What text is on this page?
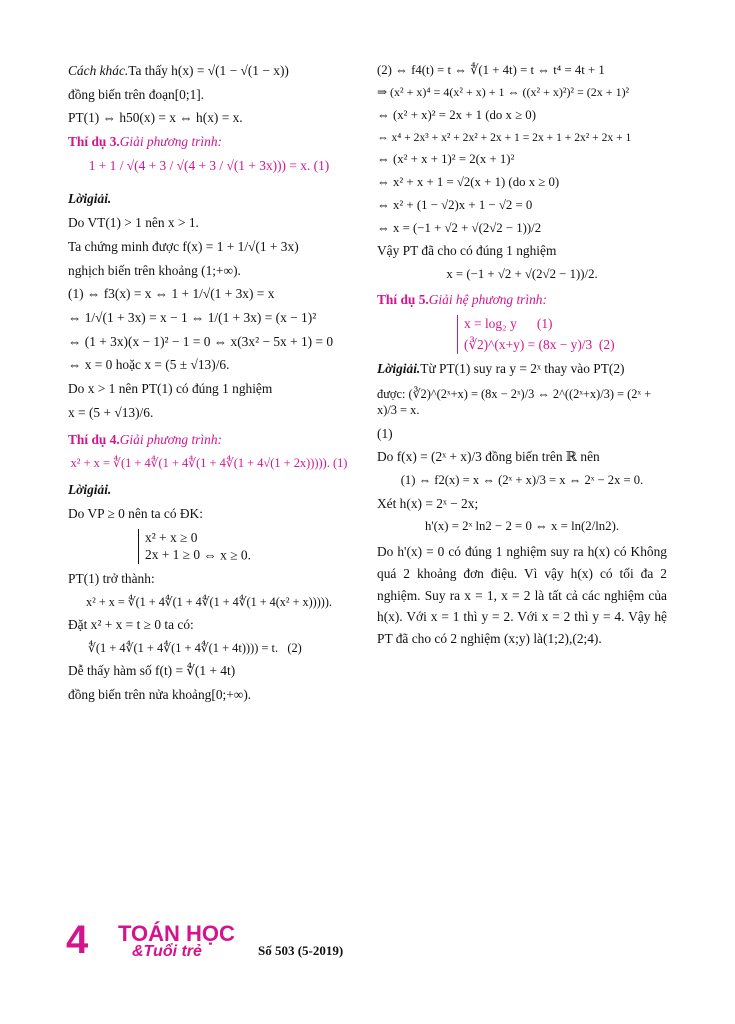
Cách khác.Ta thấy h(x) = √(1 − √(1 − x))
đồng biến trên đoạn[0;1].
PT(1) ⇔ h50(x) = x ⇔ h(x) = x.
Thí dụ 3.Giải phương trình:
1 + 1 / √(4 + 3 / √(4 + 3 / √(1 + 3x))) = x. (1)
Lờigiải.
Do VT(1) > 1 nên x > 1.
Ta chứng minh được f(x) = 1 + 1/√(1 + 3x)
nghịch biến trên khoảng (1;+∞).
(1) ⇔ f3(x) = x ⇔ 1 + 1/√(1 + 3x) = x
⇔ 1/√(1 + 3x) = x − 1 ⇔ 1/(1 + 3x) = (x − 1)²
⇔ (1 + 3x)(x − 1)² − 1 = 0 ⇔ x(3x² − 5x + 1) = 0
⇔ x = 0 hoặc x = (5 ± √13)/6.
Do x > 1 nên PT(1) có đúng 1 nghiệm
x = (5 + √13)/6.
Thí dụ 4.Giải phương trình:
x² + x = ∜(1 + 4∜(1 + 4∜(1 + 4∜(1 + 4√(1 + 2x))))). (1)
Lờigiải.
Do VP ≥ 0 nên ta có ĐK:
x² + x ≥ 0
2x + 1 ≥ 0 ⇔ x ≥ 0.
PT(1) trở thành:
x² + x = ∜(1 + 4∜(1 + 4∜(1 + 4∜(1 + 4(x² + x))))).
Đặt x² + x = t ≥ 0 ta có:
∜(1 + 4∜(1 + 4∜(1 + 4∜(1 + 4t)))) = t. (2)
Dễ thấy hàm số f(t) = ∜(1 + 4t)
đồng biến trên nửa khoảng[0;+∞).
(2) ⇔ f4(t) = t ⇔ ∜(1 + 4t) = t ⇔ t⁴ = 4t + 1
⇒ (x² + x)⁴ = 4(x² + x) + 1 ⇔ ((x² + x)²)² = (2x + 1)²
⇔ (x² + x)² = 2x + 1 (do x ≥ 0)
⇔ x⁴ + 2x³ + x² + 2x² + 2x + 1 = 2x + 1 + 2x² + 2x + 1
⇔ (x² + x + 1)² = 2(x + 1)²
⇔ x² + x + 1 = √2(x + 1) (do x ≥ 0)
⇔ x² + (1 − √2)x + 1 − √2 = 0
⇔ x = (−1 + √2 + √(2√2 − 1))/2
Vậy PT đã cho có đúng 1 nghiệm
x = (−1 + √2 + √(2√2 − 1))/2.
Thí dụ 5.Giải hệ phương trình:
x = log₂ y (1)
(∛2)^(x+y) = (8x − y)/3 (2)
Lờigiải.Từ PT(1) suy ra y = 2ˣ thay vào PT(2)
được: (∛2)^(2ˣ+x) = (8x − 2ˣ)/3 ⇔ 2^((2ˣ+x)/3) = (2ˣ + x)/3 = x.
(1)
Do f(x) = (2ˣ + x)/3 đồng biến trên ℝ nên
(1) ⇔ f2(x) = x ⇔ (2ˣ + x)/3 = x ⇔ 2ˣ − 2x = 0.
Xét h(x) = 2ˣ − 2x;
h'(x) = 2ˣ ln2 − 2 = 0 ⇔ x = ln(2/ln2).
Do h'(x) = 0 có đúng 1 nghiệm suy ra h(x) có Không quá 2 khoảng đơn điệu. Vì vậy h(x) có tối đa 2 nghiệm. Suy ra x = 1, x = 2 là tất cả các nghiệm của h(x). Với x = 1 thì y = 2. Với x = 2 thì y = 4. Vậy hệ PT đã cho có 2 nghiệm (x;y) là(1;2),(2;4).
4 TOÁN HỌC
&Tuổi trẻ	Số 503 (5-2019)
